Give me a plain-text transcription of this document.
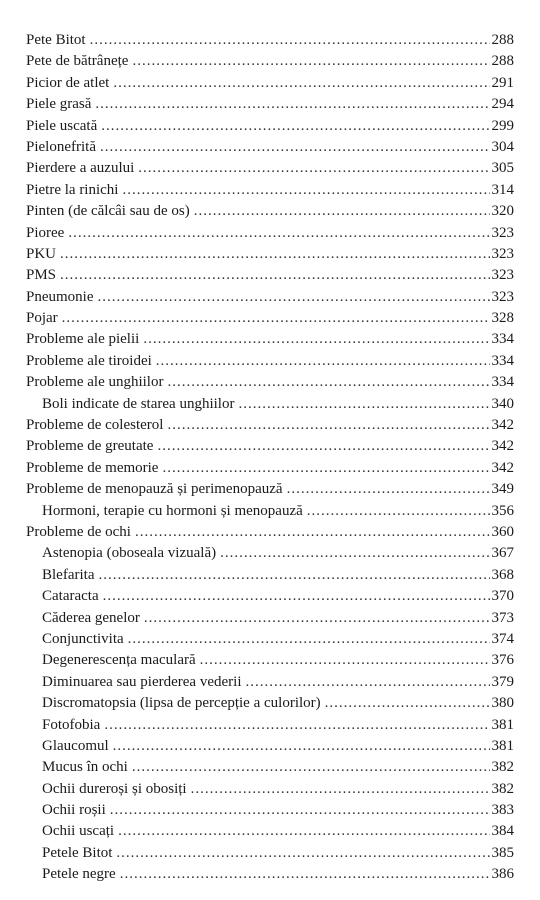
Pete Bitot .....	288
Pete de bătrânețe .....	288
Picior de atlet .....	291
Piele grasă .....	294
Piele uscată .....	299
Pielonefrită .....	304
Pierdere a auzului .....	305
Pietre la rinichi .....	314
Pinten (de călcâi sau de os) .....	320
Pioree .....	323
PKU .....	323
PMS .....	323
Pneumonie .....	323
Pojar .....	328
Probleme ale pielii .....	334
Probleme ale tiroidei .....	334
Probleme ale unghiilor .....	334
Boli indicate de starea unghiilor .....	340
Probleme de colesterol .....	342
Probleme de greutate .....	342
Probleme de memorie .....	342
Probleme de menopauză și perimenopauză .....	349
Hormoni, terapie cu hormoni și menopauză .....	356
Probleme de ochi .....	360
Astenopia (oboseala vizuală) .....	367
Blefarita .....	368
Cataracta .....	370
Căderea genelor .....	373
Conjunctivita .....	374
Degenerescența maculară .....	376
Diminuarea sau pierderea vederii .....	379
Discromatopsia (lipsa de percepție a culorilor) .....	380
Fotofobia .....	381
Glaucomul .....	381
Mucus în ochi .....	382
Ochii dureroși și obosiți .....	382
Ochii roșii .....	383
Ochii uscați .....	384
Petele Bitot .....	385
Petele negre .....	386
